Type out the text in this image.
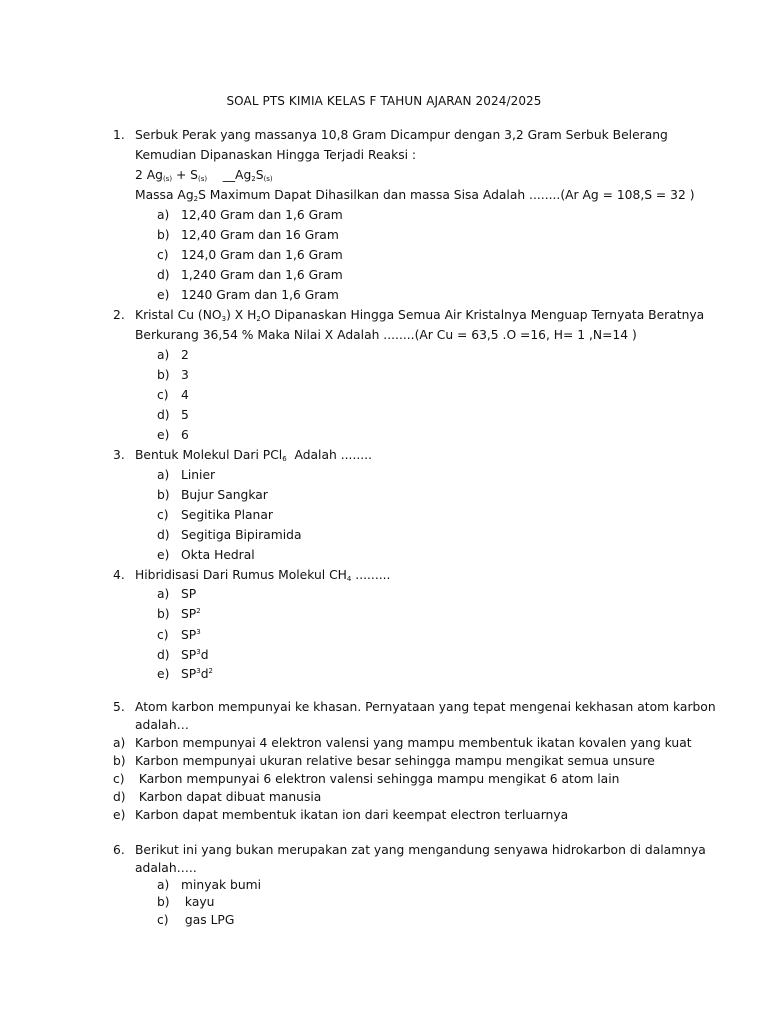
SOAL PTS KIMIA KELAS F TAHUN AJARAN 2024/2025
1. Serbuk Perak yang massanya 10,8 Gram Dicampur dengan 3,2 Gram Serbuk Belerang
Kemudian Dipanaskan Hingga Terjadi Reaksi :
2 $Ag_{(s)} + S_{(s)}$    $\_\_Ag_2S_{(s)}$
Massa $Ag_2S$ Maximum Dapat Dihasilkan dan massa Sisa Adalah ........(Ar Ag = 108,S = 32 )
a) 12,40 Gram dan 1,6 Gram
b) 12,40 Gram dan 16 Gram
c) 124,0 Gram dan 1,6 Gram
d) 1,240 Gram dan 1,6 Gram
e) 1240 Gram dan 1,6 Gram
2. Kristal Cu $(NO_3)$ X $H_2O$ Dipanaskan Hingga Semua Air Kristalnya Menguap Ternyata Beratnya
Berkurang 36,54 % Maka Nilai X Adalah ........(Ar Cu = 63,5 .O =16, H= 1 ,N=14 )
a) 2
b) 3
c) 4
d) 5
e) 6
3. Bentuk Molekul Dari PCl$_6$  Adalah ........
a) Linier
b) Bujur Sangkar
c) Segitika Planar
d) Segitiga Bipiramida
e) Okta Hedral
4. Hibridisasi Dari Rumus Molekul $CH_4$ .........
a) SP
b) $SP^2$
c) $SP^3$
d) $SP^3d$
e) $SP^3d^2$
5. Atom karbon mempunyai ke khasan. Pernyataan yang tepat mengenai kekhasan atom karbon
adalah…
a) Karbon mempunyai 4 elektron valensi yang mampu membentuk ikatan kovalen yang kuat
b) Karbon mempunyai ukuran relative besar sehingga mampu mengikat semua unsure
c) Karbon mempunyai 6 elektron valensi sehingga mampu mengikat 6 atom lain
d) Karbon dapat dibuat manusia
e) Karbon dapat membentuk ikatan ion dari keempat electron terluarnya
6. Berikut ini yang bukan merupakan zat yang mengandung senyawa hidrokarbon di dalamnya
adalah…..
a) minyak bumi
b) kayu
c) gas LPG
